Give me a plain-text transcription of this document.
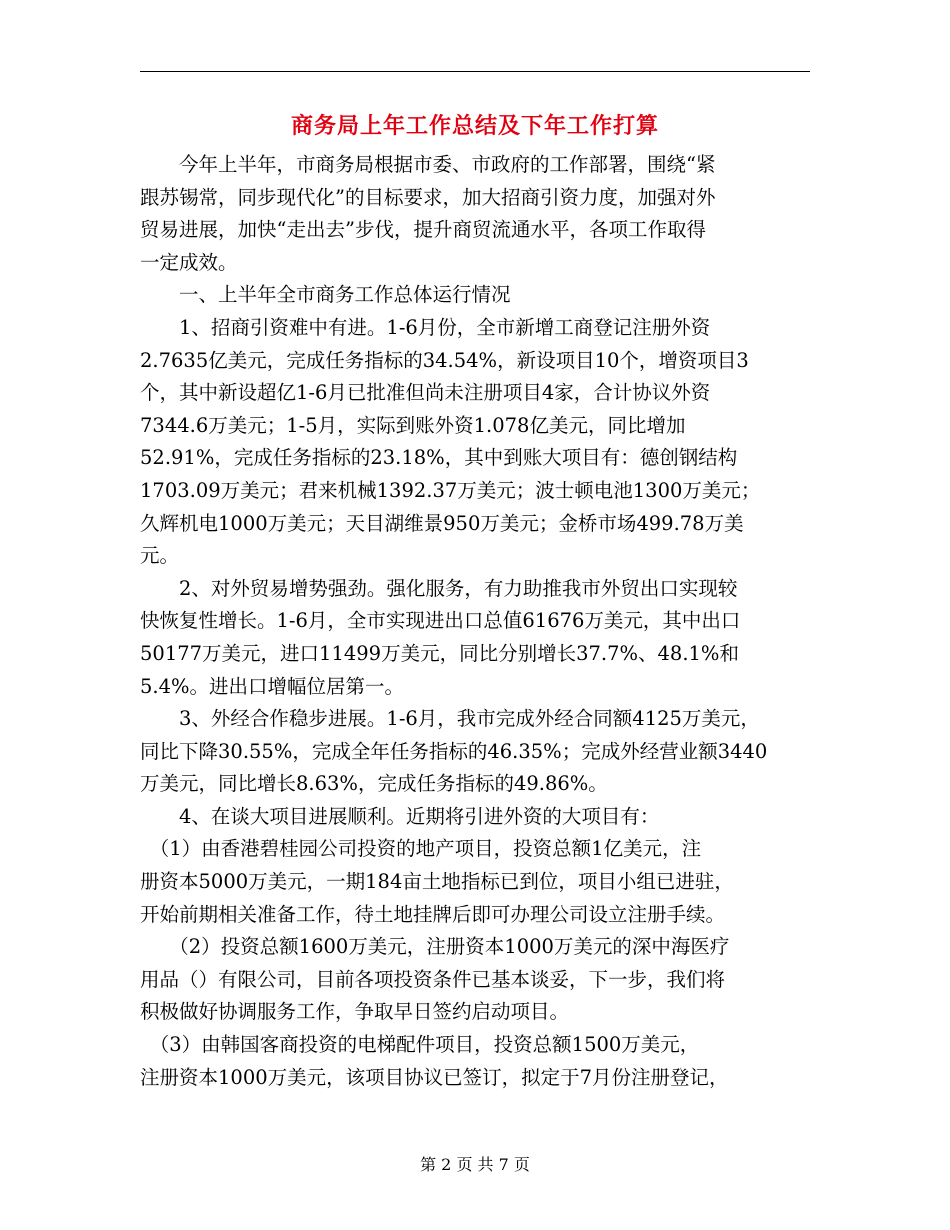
商务局上年工作总结及下年工作打算
　　今年上半年，市商务局根据市委、市政府的工作部署，围绕“紧
跟苏锡常，同步现代化”的目标要求，加大招商引资力度，加强对外
贸易进展，加快“走出去”步伐，提升商贸流通水平，各项工作取得
一定成效。
　　一、上半年全市商务工作总体运行情况
　　1、招商引资难中有进。1-6月份，全市新增工商登记注册外资
2.7635亿美元，完成任务指标的34.54%，新设项目10个，增资项目3
个，其中新设超亿1-6月已批准但尚未注册项目4家，合计协议外资
7344.6万美元；1-5月，实际到账外资1.078亿美元，同比增加
52.91%，完成任务指标的23.18%，其中到账大项目有：德创钢结构
1703.09万美元；君来机械1392.37万美元；波士顿电池1300万美元；
久辉机电1000万美元；天目湖维景950万美元；金桥市场499.78万美
元。
　　2、对外贸易增势强劲。强化服务，有力助推我市外贸出口实现较
快恢复性增长。1-6月，全市实现进出口总值61676万美元，其中出口
50177万美元，进口11499万美元，同比分别增长37.7%、48.1%和
5.4%。进出口增幅位居第一。
　　3、外经合作稳步进展。1-6月，我市完成外经合同额4125万美元，
同比下降30.55%，完成全年任务指标的46.35%；完成外经营业额3440
万美元，同比增长8.63%，完成任务指标的49.86%。
　　4、在谈大项目进展顺利。近期将引进外资的大项目有：
　（1）由香港碧桂园公司投资的地产项目，投资总额1亿美元，注
册资本5000万美元，一期184亩土地指标已到位，项目小组已进驻，
开始前期相关准备工作，待土地挂牌后即可办理公司设立注册手续。
　　（2）投资总额1600万美元，注册资本1000万美元的深中海医疗
用品（）有限公司，目前各项投资条件已基本谈妥，下一步，我们将
积极做好协调服务工作，争取早日签约启动项目。
　（3）由韩国客商投资的电梯配件项目，投资总额1500万美元，
注册资本1000万美元，该项目协议已签订，拟定于7月份注册登记，
第 2 页 共 7 页
